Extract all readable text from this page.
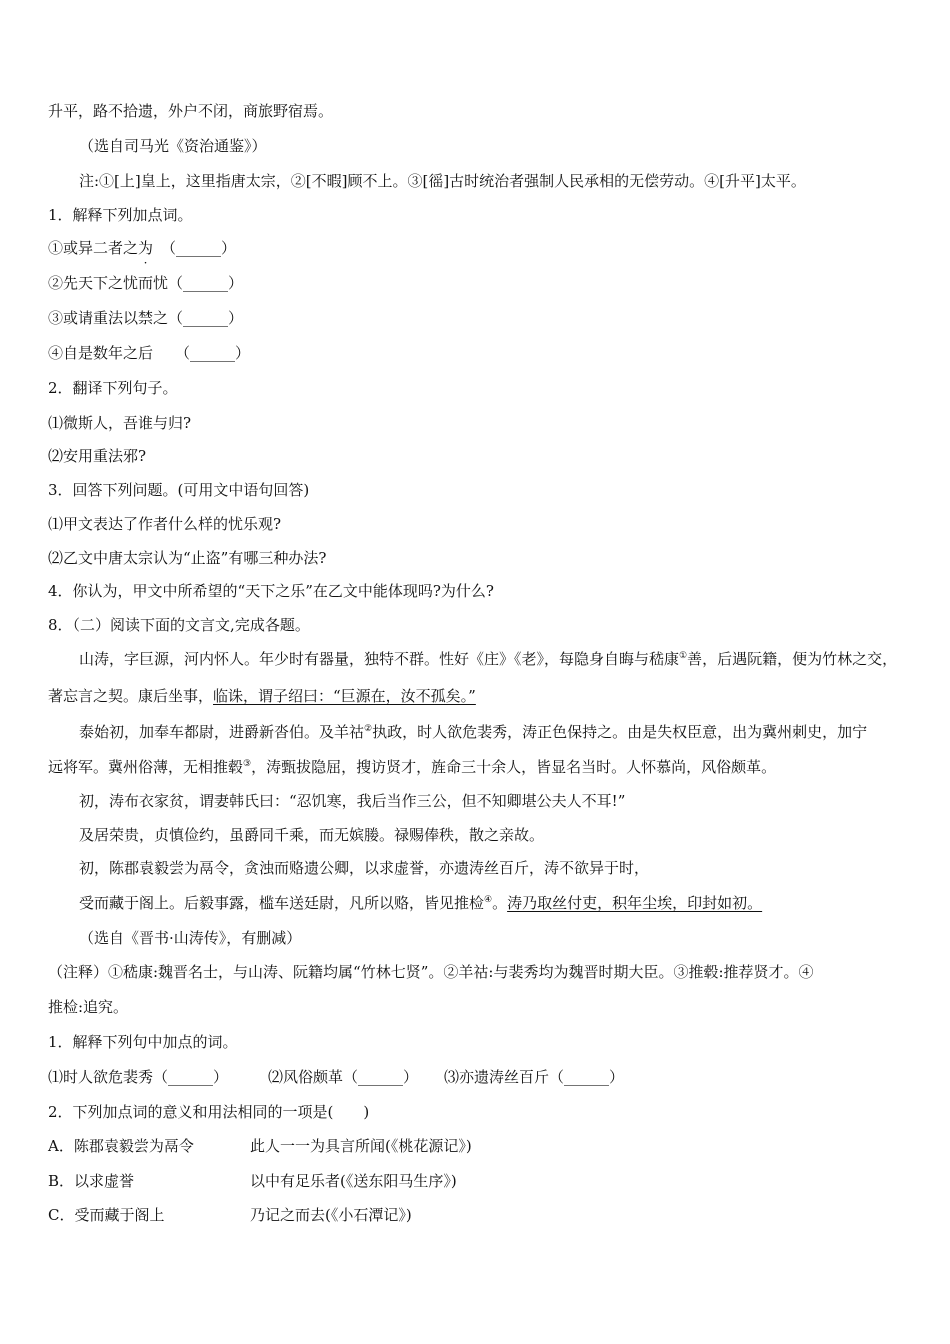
升平，路不拾遗，外户不闭，商旅野宿焉。
（选自司马光《资治通鉴》）
注:①[上]皇上，这里指唐太宗，②[不暇]顾不上。③[徭]古时统治者强制人民承相的无偿劳动。④[升平]太平。
1．解释下列加点词。
①或异二者之为 （______）
②先天下之忧而忧（______）
③或请重法以禁之（______）
④自是数年之后 （______）
2．翻译下列句子。
⑴微斯人，吾谁与归?
⑵安用重法邪?
3．回答下列问题。(可用文中语句回答)
⑴甲文表达了作者什么样的忧乐观?
⑵乙文中唐太宗认为“止盗”有哪三种办法?
4．你认为，甲文中所希望的“天下之乐”在乙文中能体现吗?为什么?
8．（二）阅读下面的文言文,完成各题。
山涛，字巨源，河内怀人。年少时有器量，独特不群。性好《庄》《老》，每隐身自晦与嵇康①善，后遇阮籍，便为竹林之交，
著忘言之契。康后坐事，临诛，谓子绍曰：“巨源在，汝不孤矣。”
泰始初，加奉车都尉，进爵新沓伯。及羊祜②执政，时人欲危裴秀，涛正色保持之。由是失权臣意，出为冀州刺史，加宁
远将军。冀州俗薄，无相推毂③，涛甄拔隐屈，搜访贤才，旌命三十余人，皆显名当时。人怀慕尚，风俗颇革。
初，涛布衣家贫，谓妻韩氏曰：“忍饥寒，我后当作三公，但不知卿堪公夫人不耳!”
及居荣贵，贞慎俭约，虽爵同千乘，而无嫔媵。禄赐俸秩，散之亲故。
初，陈郡袁毅尝为鬲令，贪浊而赂遗公卿，以求虚誉，亦遗涛丝百斤，涛不欲异于时，
受而藏于阁上。后毅事露，槛车送廷尉，凡所以赂，皆见推检④。涛乃取丝付吏，积年尘埃，印封如初。
（选自《晋书·山涛传》，有删减）
（注释）①嵇康:魏晋名士，与山涛、阮籍均属“竹林七贤”。②羊祜:与裴秀均为魏晋时期大臣。③推毂:推荐贤才。④
推检:追究。
1．解释下列句中加点的词。
⑴时人欲危裴秀（______）	⑵风俗颇革（______） ⑶亦遗涛丝百斤（______）
2．下列加点词的意义和用法相同的一项是(　　)
A．陈郡袁毅尝为鬲令	此人一一为具言所闻(《桃花源记》)
B．以求虚誉	以中有足乐者(《送东阳马生序》)
C．受而藏于阁上	乃记之而去(《小石潭记》)
